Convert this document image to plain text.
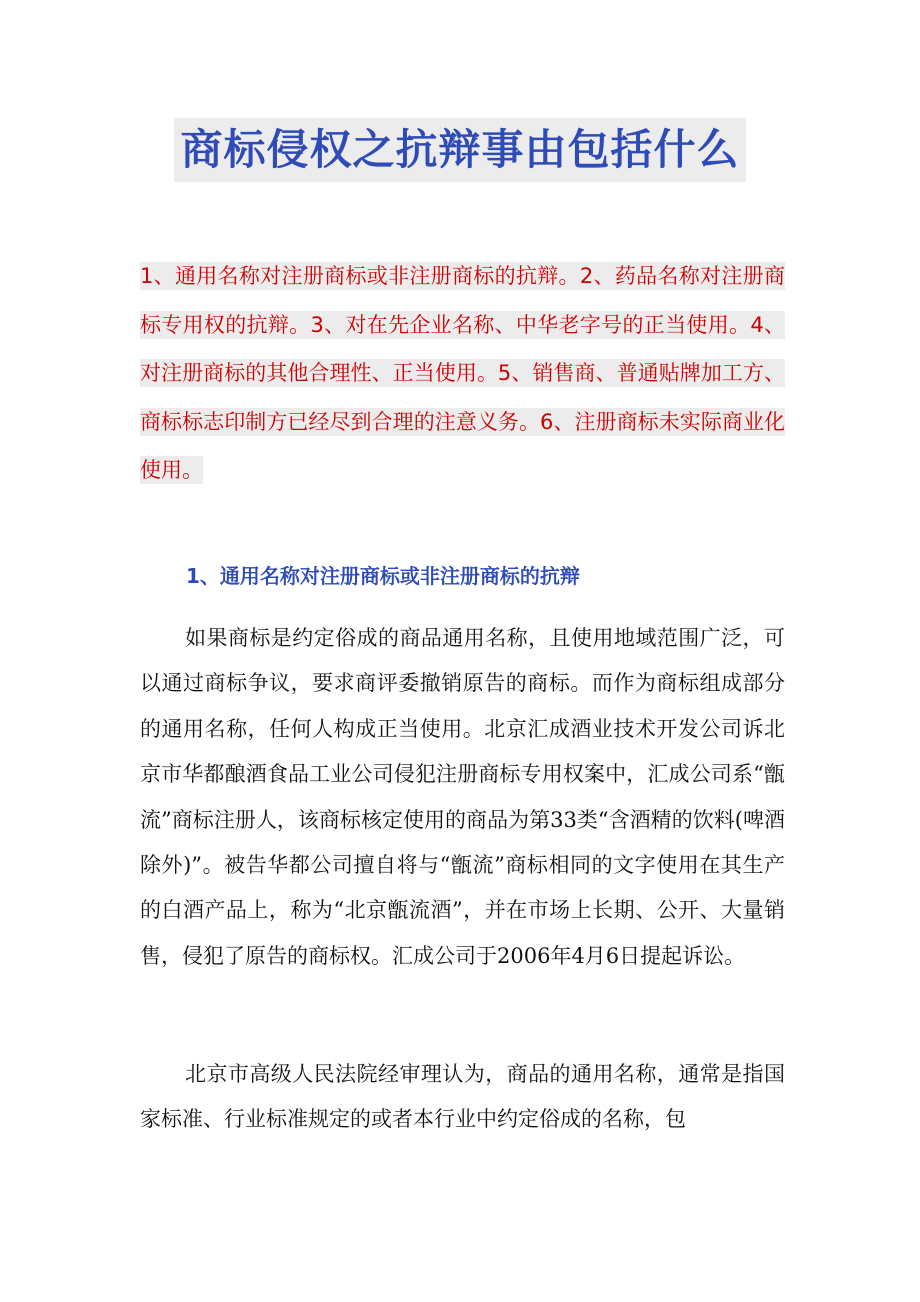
商标侵权之抗辩事由包括什么
1、通用名称对注册商标或非注册商标的抗辩。2、药品名称对注册商标专用权的抗辩。3、对在先企业名称、中华老字号的正当使用。4、对注册商标的其他合理性、正当使用。5、销售商、普通贴牌加工方、商标标志印制方已经尽到合理的注意义务。6、注册商标未实际商业化使用。
1、通用名称对注册商标或非注册商标的抗辩

如果商标是约定俗成的商品通用名称，且使用地域范围广泛，可以通过商标争议，要求商评委撤销原告的商标。而作为商标组成部分的通用名称，任何人构成正当使用。北京汇成酒业技术开发公司诉北京市华都酿酒食品工业公司侵犯注册商标专用权案中，汇成公司系“甑流”商标注册人，该商标核定使用的商品为第33类“含酒精的饮料(啤酒除外)”。被告华都公司擅自将与“甑流”商标相同的文字使用在其生产的白酒产品上，称为“北京甑流酒”，并在市场上长期、公开、大量销售，侵犯了原告的商标权。汇成公司于2006年4月6日提起诉讼。

北京市高级人民法院经审理认为，商品的通用名称，通常是指国家标准、行业标准规定的或者本行业中约定俗成的名称，包
